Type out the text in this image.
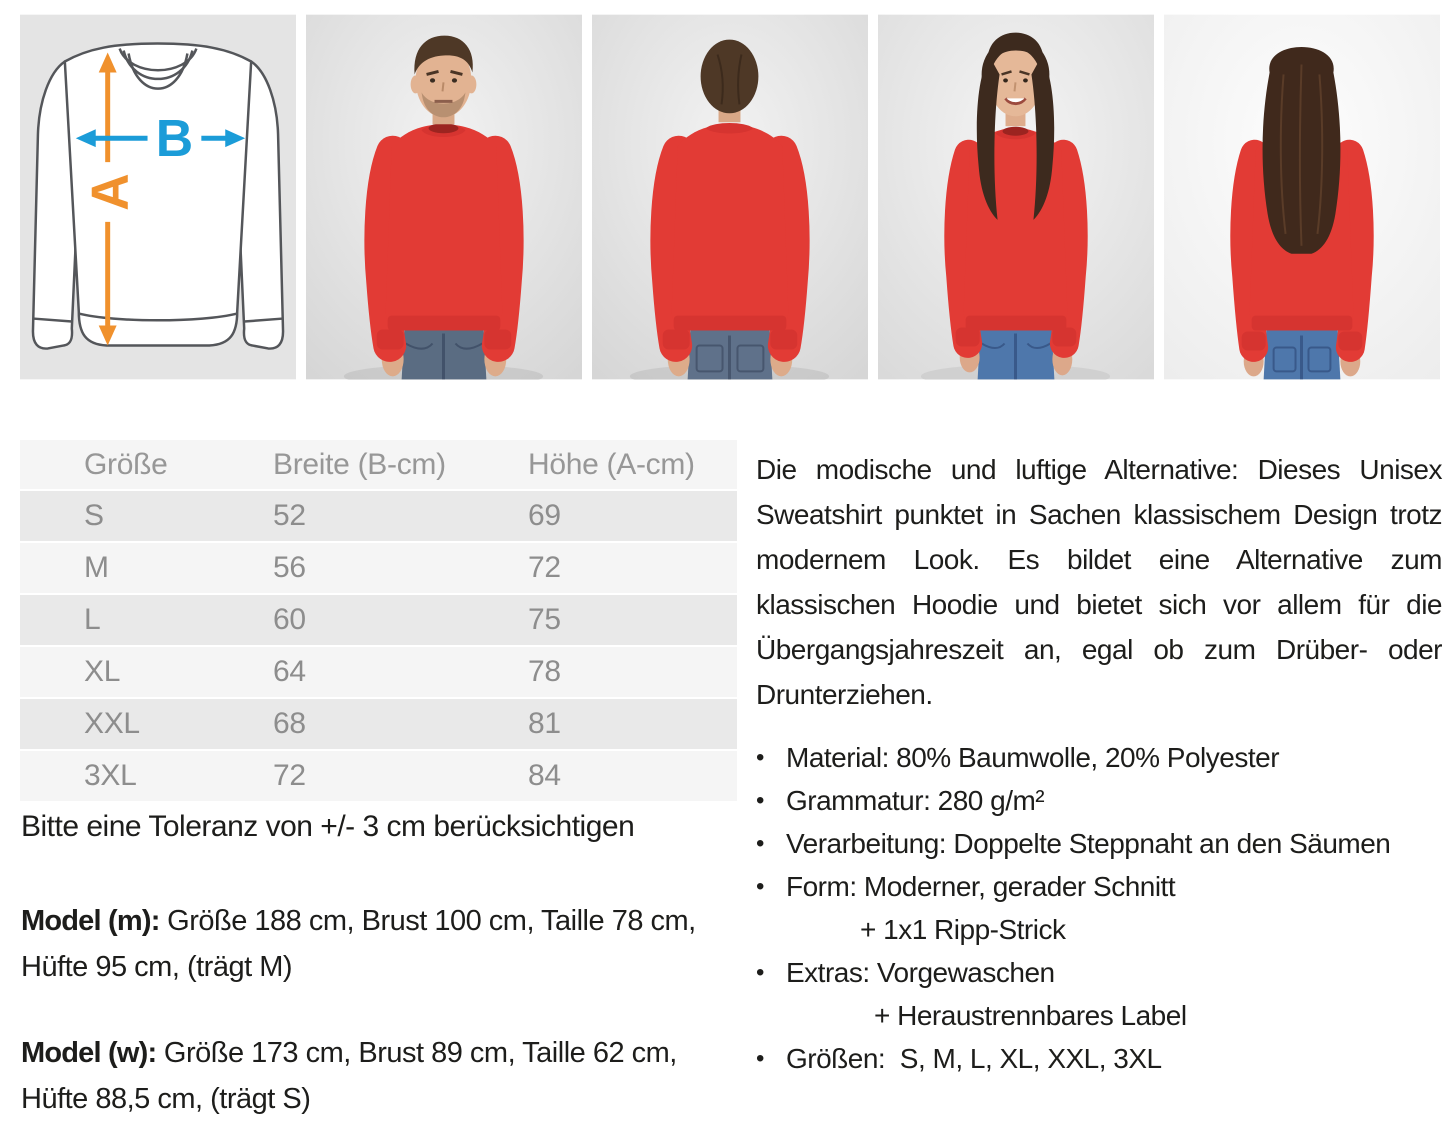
A
B
Größe	Breite (B-cm)	Höhe (A-cm)
S	52	69
M	56	72
L	60	75
XL	64	78
XXL	68	81
3XL	72	84
Bitte eine Toleranz von +/- 3 cm berücksichtigen
Model (m): Größe 188 cm, Brust 100 cm, Taille 78 cm, Hüfte 95 cm, (trägt M)
Model (w): Größe 173 cm, Brust 89 cm, Taille 62 cm, Hüfte 88,5 cm, (trägt S)
Die modische und luftige Alternative: Dieses Unisex Sweatshirt punktet in Sachen klassischem Design trotz modernem Look. Es bildet eine Alternative zum klassischen Hoodie und bietet sich vor allem für die Übergangsjahreszeit an, egal ob zum Drüber- oder Drunterziehen.
• Material: 80% Baumwolle, 20% Polyester
• Grammatur: 280 g/m²
• Verarbeitung: Doppelte Steppnaht an den Säumen
• Form: Moderner, gerader Schnitt
+ 1x1 Ripp-Strick
• Extras: Vorgewaschen
+ Heraustrennbares Label
• Größen:  S, M, L, XL, XXL, 3XL
